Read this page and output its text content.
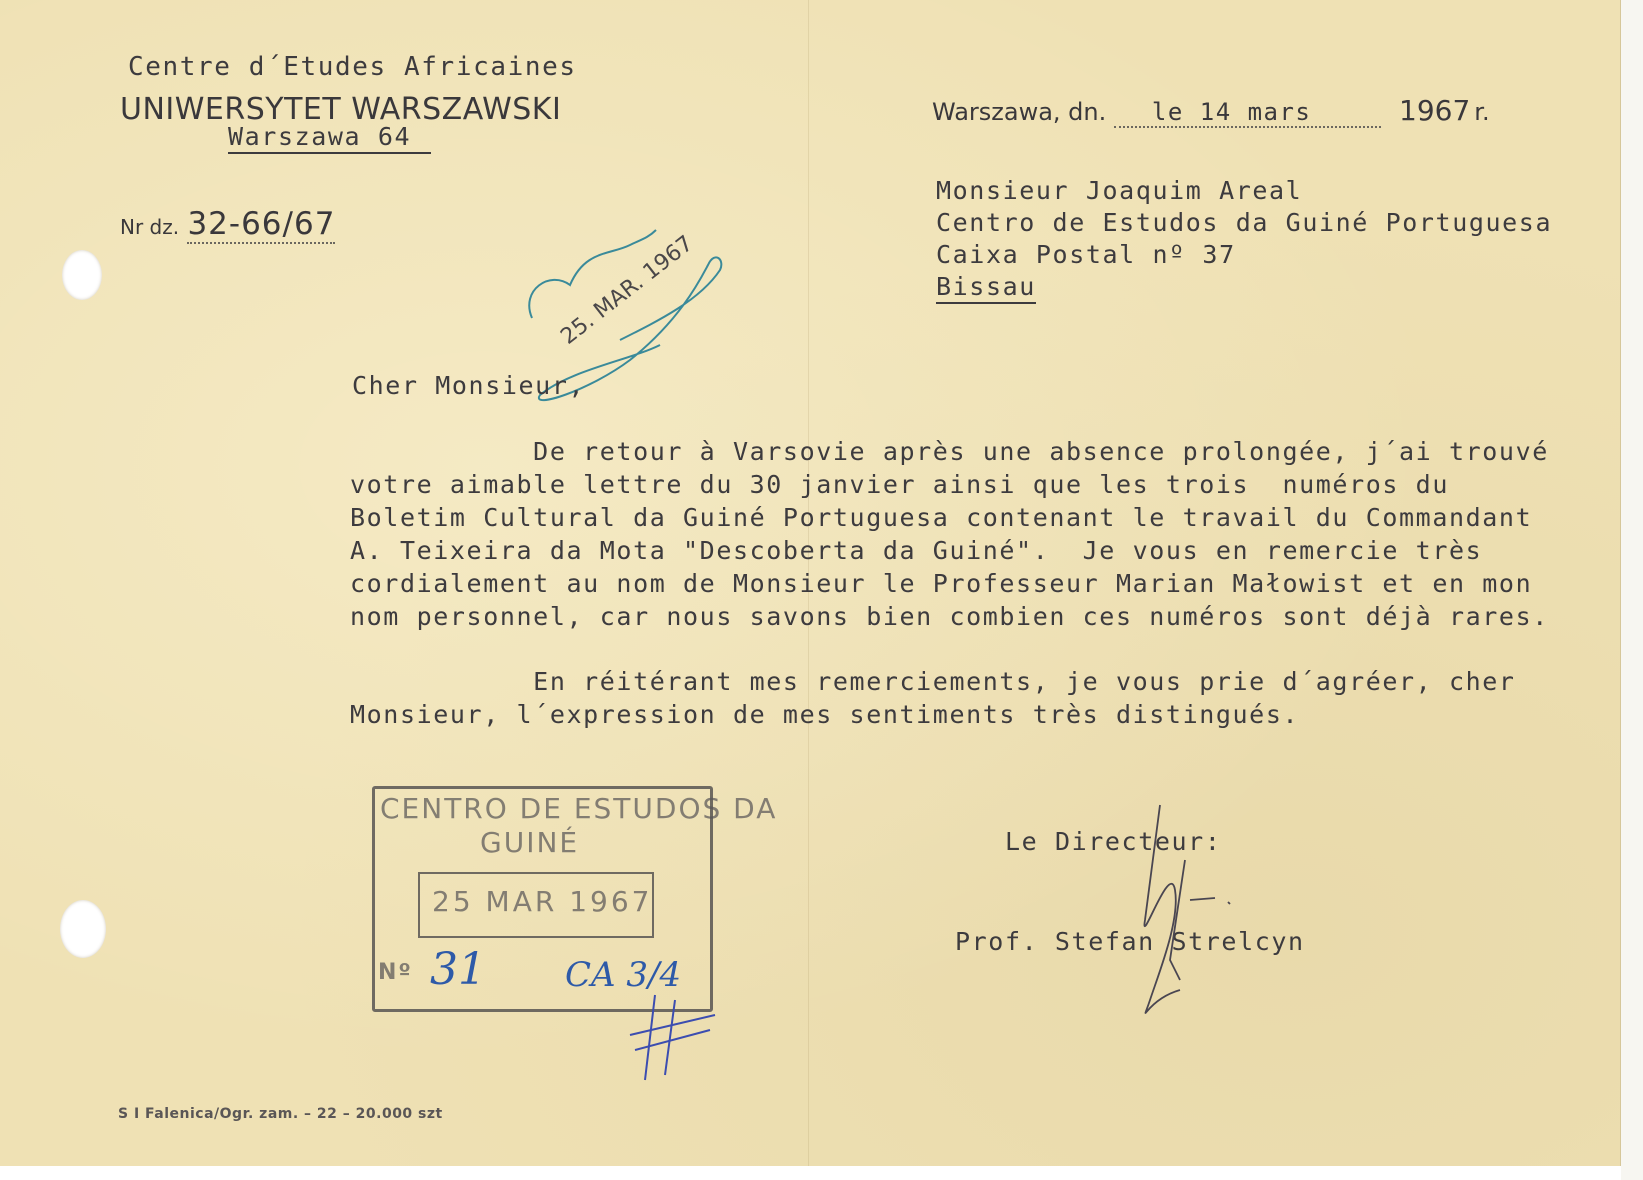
Centre d´Etudes Africaines
UNIWERSYTET WARSZAWSKI
Warszawa 64
Nr dz. 32-66/67
Warszawa, dn. le 14 mars	1967 r.
Monsieur Joaquim Areal
Centro de Estudos da Guiné Portuguesa
Caixa Postal nº 37
Bissau
25. MAR. 1967
Cher Monsieur,
De retour à Varsovie après une absence prolongée, j´ai trouvé
votre aimable lettre du 30 janvier ainsi que les trois  numéros du
Boletim Cultural da Guiné Portuguesa contenant le travail du Commandant
A. Teixeira da Mota "Descoberta da Guiné".  Je vous en remercie très
cordialement au nom de Monsieur le Professeur Marian Małowist et en mon
nom personnel, car nous savons bien combien ces numéros sont déjà rares.
En réitérant mes remerciements, je vous prie d´agréer, cher
Monsieur, l´expression de mes sentiments très distingués.
CENTRO DE ESTUDOS DA
GUINÉ
25 MAR 1967
Nº 31 CA 3/4
Le Directeur:
Prof. Stefan Strelcyn
S I Falenica/Ogr. zam. – 22 – 20.000 szt
